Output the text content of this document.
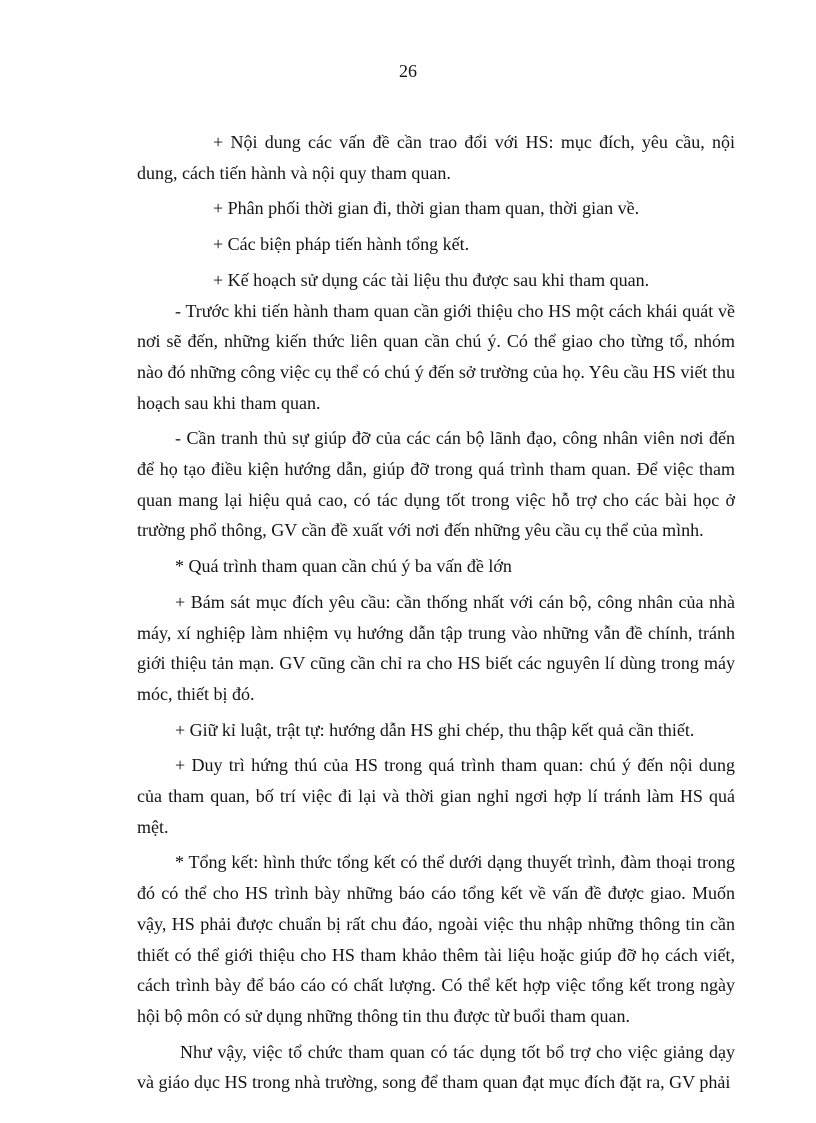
26

+ Nội dung các vấn đề cần trao đổi với HS: mục đích, yêu cầu, nội dung, cách tiến hành và nội quy tham quan.

+ Phân phối thời gian đi, thời gian tham quan, thời gian về.

+ Các biện pháp tiến hành tổng kết.

+ Kế hoạch sử dụng các tài liệu thu được sau khi tham quan.

- Trước khi tiến hành tham quan cần giới thiệu cho HS một cách khái quát về nơi sẽ đến, những kiến thức liên quan cần chú ý. Có thể giao cho từng tổ, nhóm nào đó những công việc cụ thể có chú ý đến sở trường của họ. Yêu cầu HS viết thu hoạch sau khi tham quan.

- Cần tranh thủ sự giúp đỡ của các cán bộ lãnh đạo, công nhân viên nơi đến để họ tạo điều kiện hướng dẫn, giúp đỡ trong quá trình tham quan. Để việc tham quan mang lại hiệu quả cao, có tác dụng tốt trong việc hỗ trợ cho các bài học ở trường phổ thông, GV cần đề xuất với nơi đến những yêu cầu cụ thể của mình.

* Quá trình tham quan cần chú ý ba vấn đề lớn

+ Bám sát mục đích yêu cầu: cần thống nhất với cán bộ, công nhân của nhà máy, xí nghiệp làm nhiệm vụ hướng dẫn tập trung vào những vẫn đề chính, tránh giới thiệu tản mạn. GV cũng cần chỉ ra cho HS biết các nguyên lí dùng trong máy móc, thiết bị đó.

+ Giữ kỉ luật, trật tự: hướng dẫn HS ghi chép, thu thập kết quả cần thiết.

+ Duy trì hứng thú của HS trong quá trình tham quan: chú ý đến nội dung của tham quan, bố trí việc đi lại và thời gian nghỉ ngơi hợp lí tránh làm HS quá mệt.

* Tổng kết: hình thức tổng kết có thể dưới dạng thuyết trình, đàm thoại trong đó có thể cho HS trình bày những báo cáo tổng kết về vấn đề được giao. Muốn vậy, HS phải được chuẩn bị rất chu đáo, ngoài việc thu nhập những thông tin cần thiết có thể giới thiệu cho HS tham khảo thêm tài liệu hoặc giúp đỡ họ cách viết, cách trình bày để báo cáo có chất lượng. Có thể kết hợp việc tổng kết trong ngày hội bộ môn có sử dụng những thông tin thu được từ buổi tham quan.

Như vậy, việc tổ chức tham quan có tác dụng tốt bổ trợ cho việc giảng dạy và giáo dục HS trong nhà trường, song để tham quan đạt mục đích đặt ra, GV phải
